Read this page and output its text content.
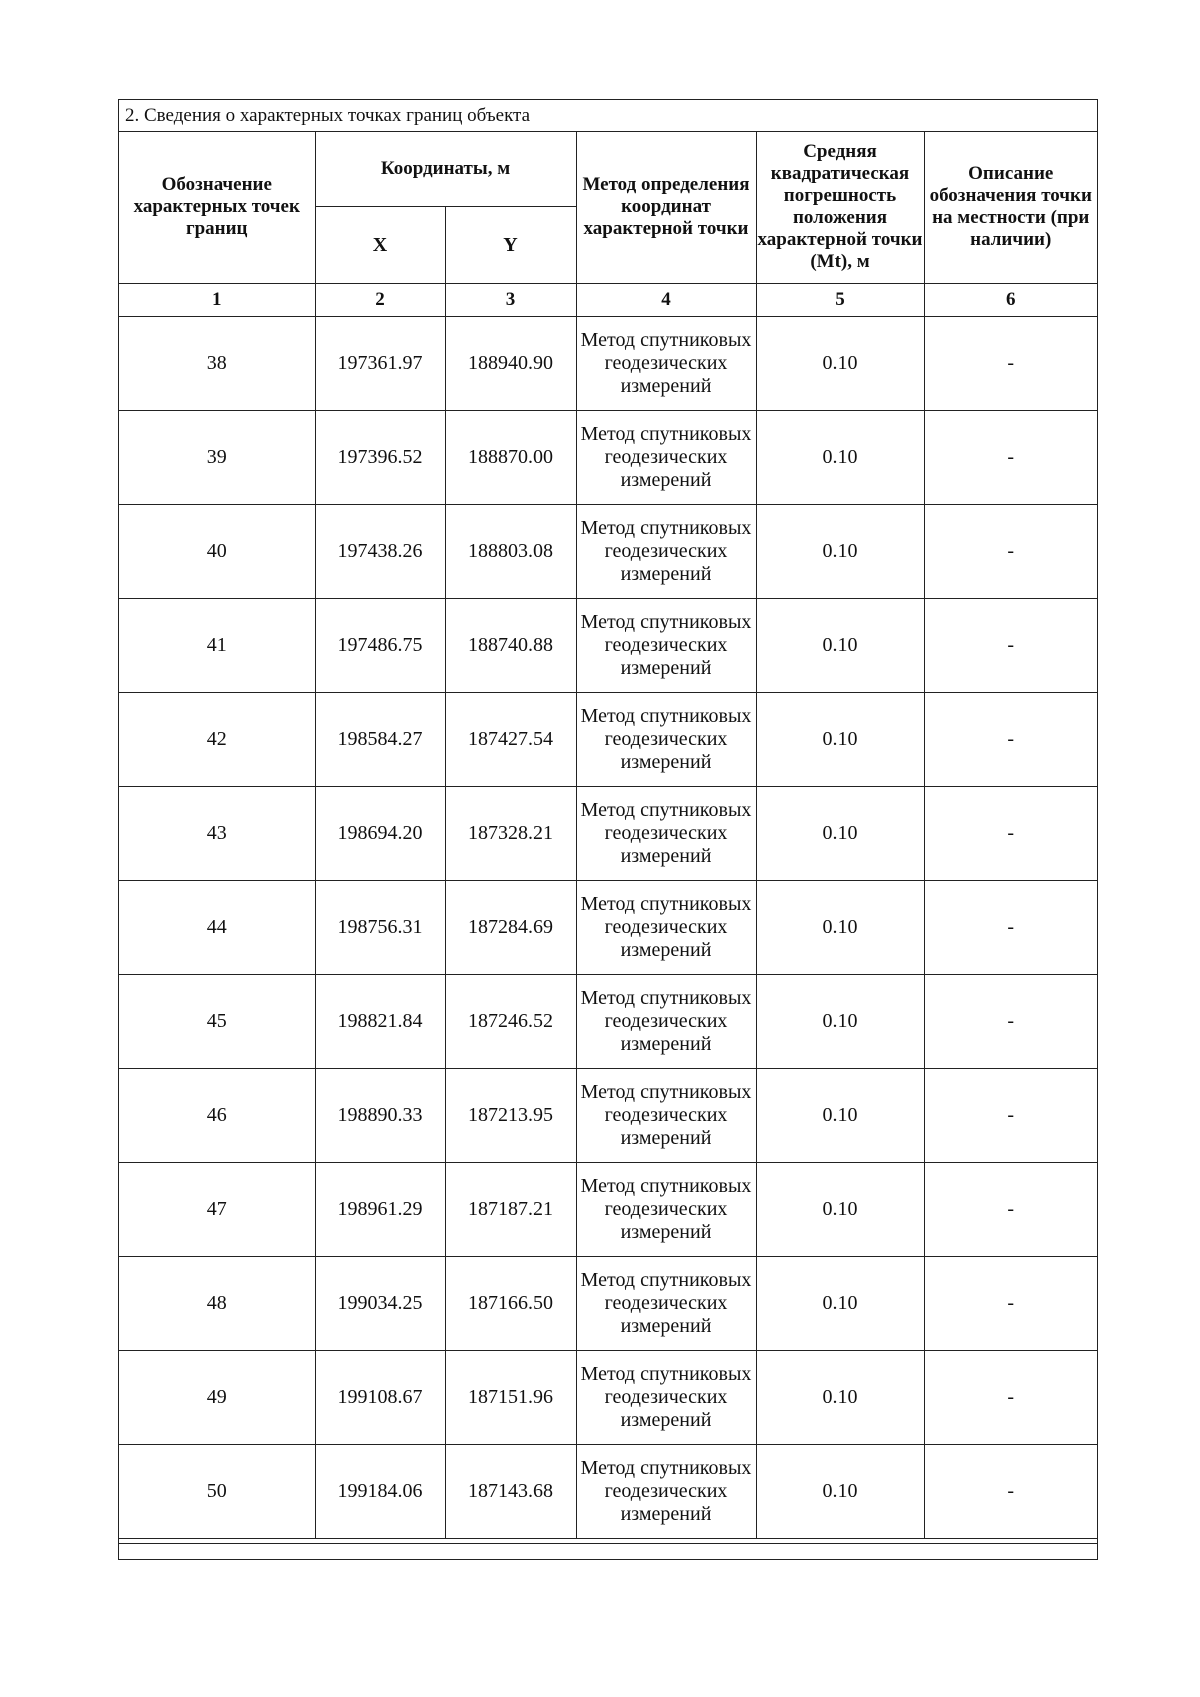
2. Сведения о характерных точках границ объекта
Обозначение характерных точек границ	Координаты, м		Метод определения координат характерной точки	Средняя квадратическая погрешность положения характерной точки (Mt), м	Описание обозначения точки на местности (при наличии)
	X	Y			
1	2	3	4	5	6
38	197361.97	188940.90	Метод спутниковых геодезических измерений	0.10	-
39	197396.52	188870.00	Метод спутниковых геодезических измерений	0.10	-
40	197438.26	188803.08	Метод спутниковых геодезических измерений	0.10	-
41	197486.75	188740.88	Метод спутниковых геодезических измерений	0.10	-
42	198584.27	187427.54	Метод спутниковых геодезических измерений	0.10	-
43	198694.20	187328.21	Метод спутниковых геодезических измерений	0.10	-
44	198756.31	187284.69	Метод спутниковых геодезических измерений	0.10	-
45	198821.84	187246.52	Метод спутниковых геодезических измерений	0.10	-
46	198890.33	187213.95	Метод спутниковых геодезических измерений	0.10	-
47	198961.29	187187.21	Метод спутниковых геодезических измерений	0.10	-
48	199034.25	187166.50	Метод спутниковых геодезических измерений	0.10	-
49	199108.67	187151.96	Метод спутниковых геодезических измерений	0.10	-
50	199184.06	187143.68	Метод спутниковых геодезических измерений	0.10	-
